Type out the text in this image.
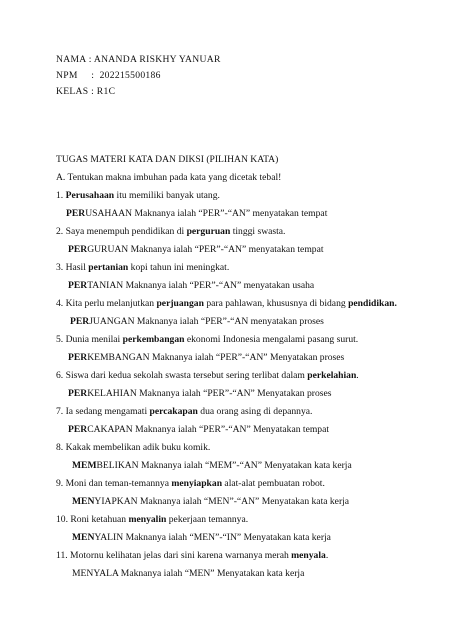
NAMA : ANANDA RISKHY YANUAR
NPM     :  202215500186
KELAS : R1C
TUGAS MATERI KATA DAN DIKSI (PILIHAN KATA)
A. Tentukan makna imbuhan pada kata yang dicetak tebal!
1. Perusahaan itu memiliki banyak utang.
PERUSAHAAN Maknanya ialah “PER”-“AN” menyatakan tempat
2. Saya menempuh pendidikan di perguruan tinggi swasta.
PERGURUAN Maknanya ialah “PER”-“AN” menyatakan tempat
3. Hasil pertanian kopi tahun ini meningkat.
PERTANIAN Maknanya ialah “PER”-“AN” menyatakan usaha
4. Kita perlu melanjutkan perjuangan para pahlawan, khususnya di bidang pendidikan.
PERJUANGAN Maknanya ialah “PER”-“AN menyatakan proses
5. Dunia menilai perkembangan ekonomi Indonesia mengalami pasang surut.
PERKEMBANGAN Maknanya ialah “PER”-“AN” Menyatakan proses
6. Siswa dari kedua sekolah swasta tersebut sering terlibat dalam perkelahian.
PERKELAHIAN Maknanya ialah “PER”-“AN” Menyatakan proses
7. Ia sedang mengamati percakapan dua orang asing di depannya.
PERCAKAPAN Maknanya ialah “PER”-“AN” Menyatakan tempat
8. Kakak membelikan adik buku komik.
MEMBELIKAN Maknanya ialah “MEM”-“AN” Menyatakan kata kerja
9. Moni dan teman-temannya menyiapkan alat-alat pembuatan robot.
MENYIAPKAN Maknanya ialah “MEN”-“AN” Menyatakan kata kerja
10. Roni ketahuan menyalin pekerjaan temannya.
MENYALIN Maknanya ialah “MEN”-“IN” Menyatakan kata kerja
11. Motornu kelihatan jelas dari sini karena warnanya merah menyala.
MENYALA Maknanya ialah “MEN” Menyatakan kata kerja
